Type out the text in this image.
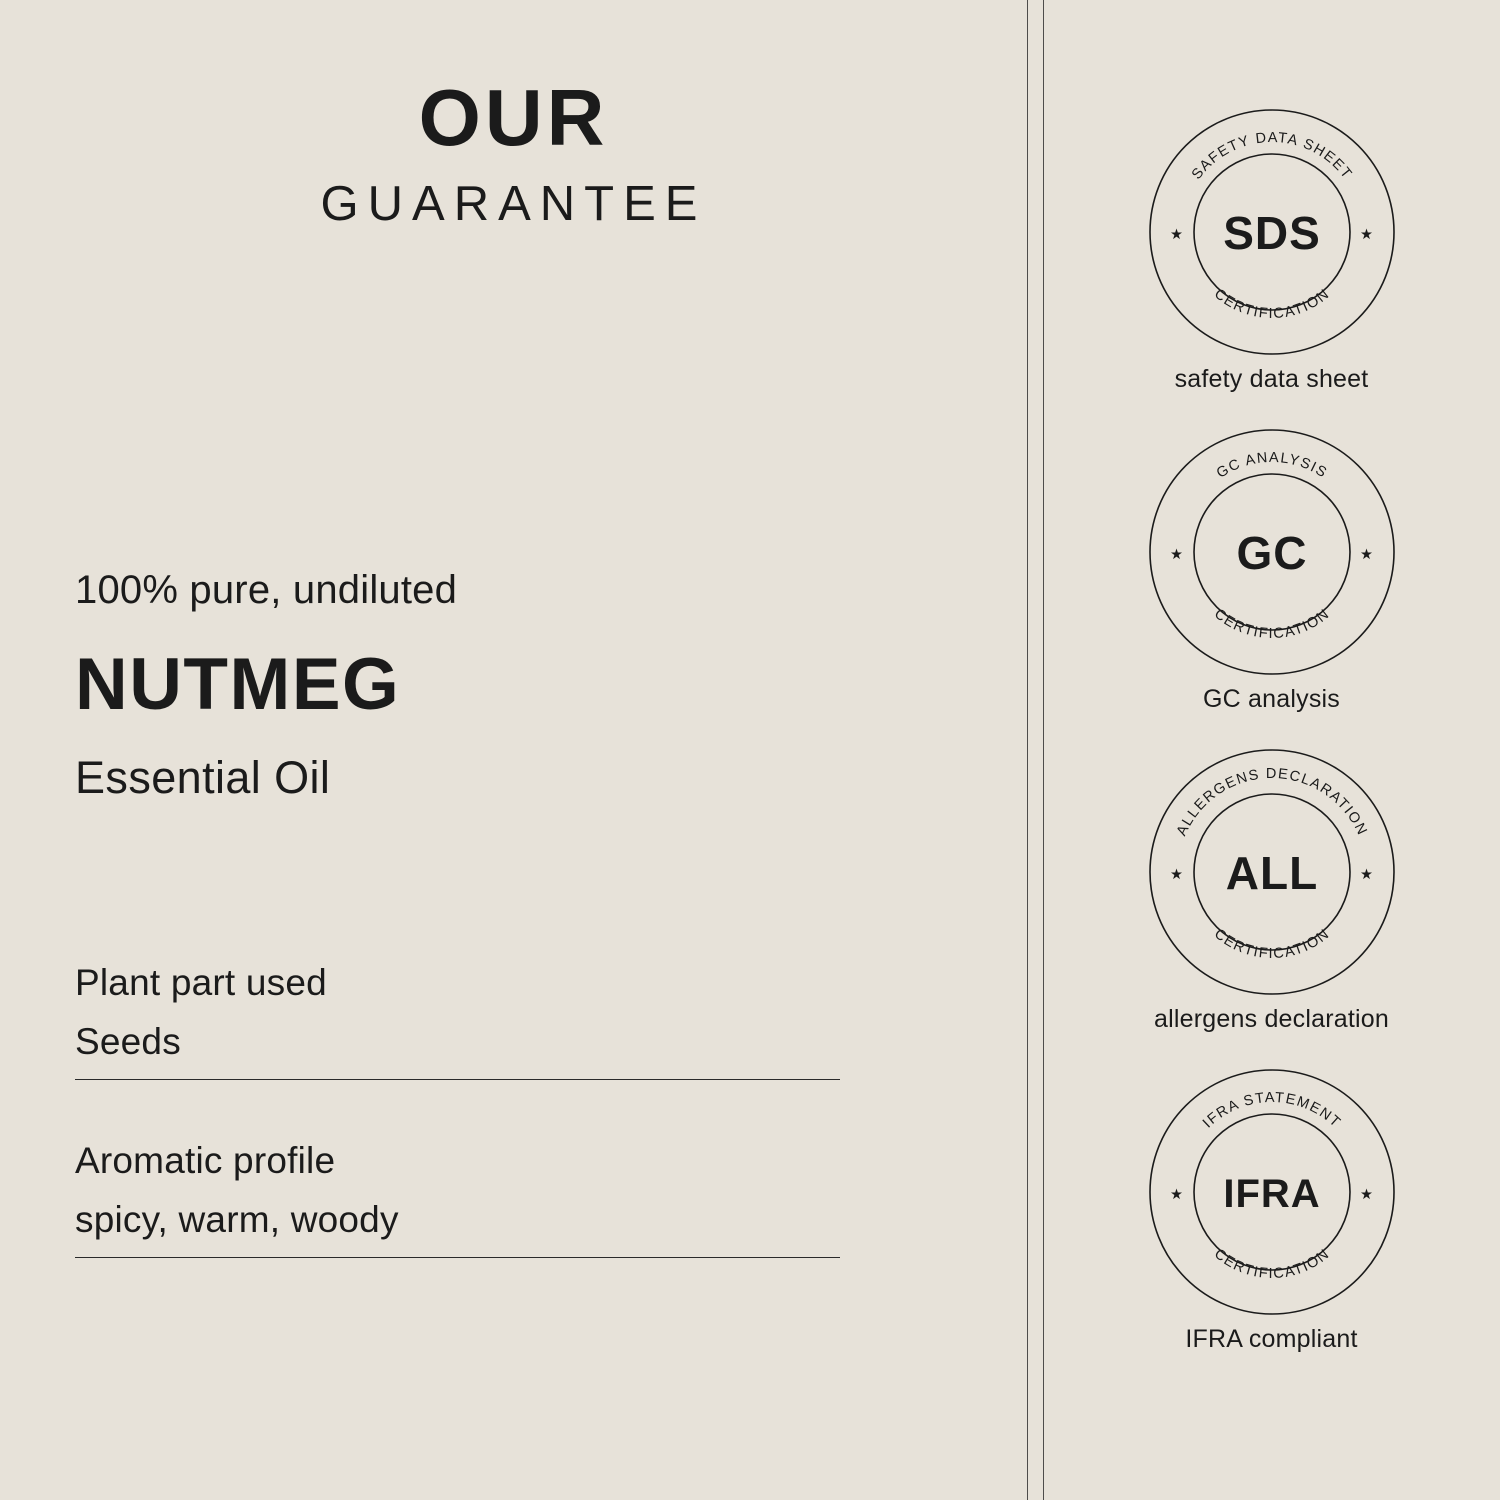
OUR
GUARANTEE
100% pure, undiluted
NUTMEG
Essential Oil
Plant part used
Seeds
Aromatic profile
spicy, warm, woody
SAFETY DATA SHEET
CERTIFICATION
★	★
SDS
safety data sheet
GC ANALYSIS
CERTIFICATION
★	★
GC
GC analysis
ALLERGENS DECLARATION
CERTIFICATION
★	★
ALL
allergens declaration
IFRA STATEMENT
CERTIFICATION
★	★
IFRA
IFRA compliant
